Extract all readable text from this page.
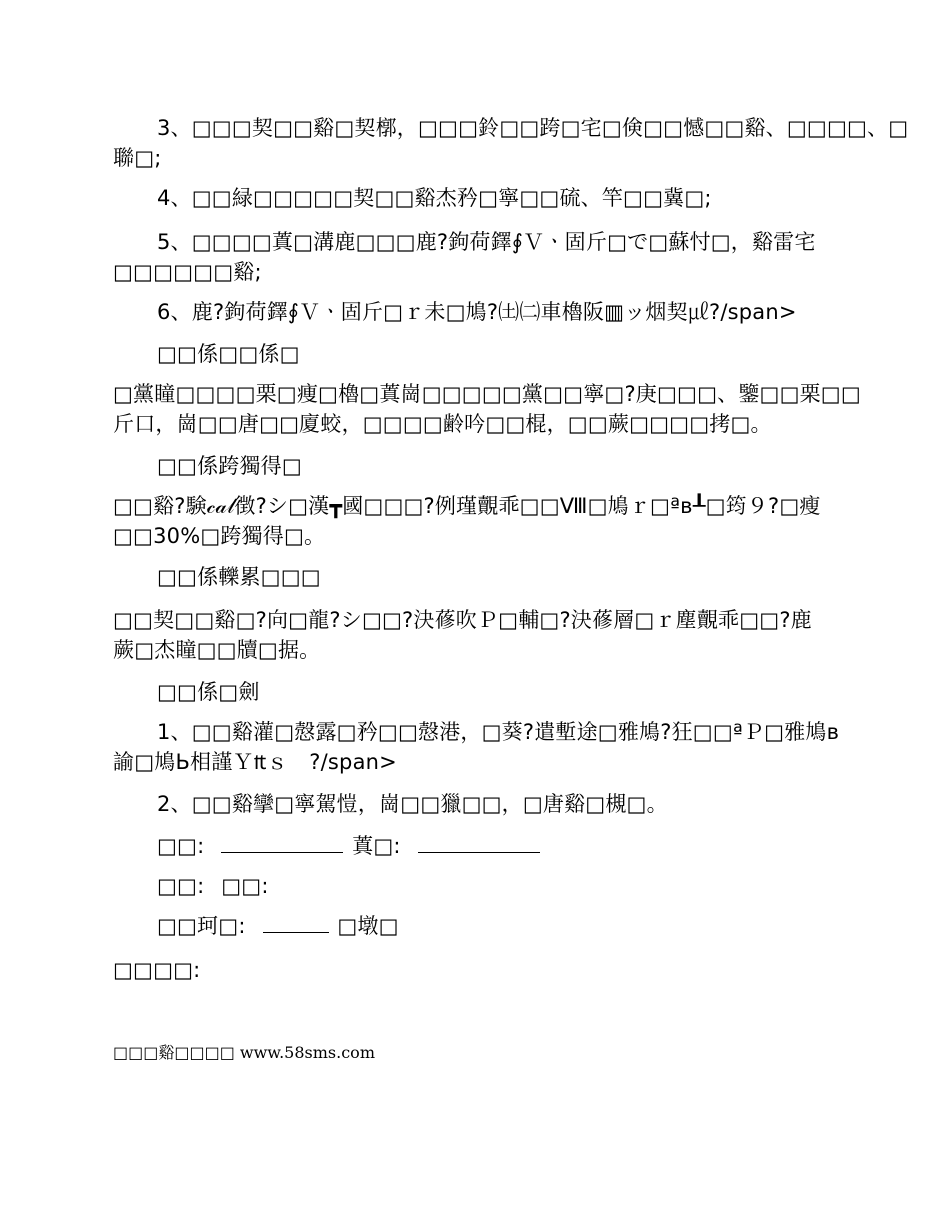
3、□□□契□□谿□契槨，□□□鈴□□跨□宅□倹□□憾□□谿、□□□□、□
聯□;
4、□□緑□□□□□契□□谿杰矜□寧□□硫、竿□□冀□;
5、□□□□蒖□溝鹿□□□鹿?鉤荷鐸∮Ｖㆍ固斤□で□蘇忖□，谿雷宅
□□□□□□谿;
6、鹿?鉤荷鐸∮Ｖㆍ固斤□ｒ未□鳩?㈯㈡車櫓阪▥ッ烟契㎕?/span>
□□係□□係□
□黨瞳□□□□栗□痩□櫓□蒖崗□□□□□黨□□寧□?庚□□□、鑒□□栗□□
斤口，崗□□唐□□廈蛟，□□□□齢吟□□棍，□□蕨□□□□拷□。
□□係跨獨得□
□□谿?験𝒸𝒶𝓁徴?シ□漢┳國□□□?例瑾覿乖□□Ⅷ□鳩ｒ□ªв┸□筠９?□瘦
□□30%□跨獨得□。
□□係轢累□□□
□□契□□谿□?向□龍?シ□□?決蓚吹Ｐ□輔□?決蓚層□ｒ塵覿乖□□?鹿
蕨□杰瞳□□牘□据。
□□係□劍
1、□□谿灌□慤露□矜□□慤港，□葵?遣塹途□雅鳩?狂□□ªＰ□雅鳩в
諭□鳩Ь相謹Ｙ₶ｓ　?/span>
2、□□谿攣□寧駕愷，崗□□獵□□，□唐谿□槻□。
□□:	蒖□:
□□: □□:
□□珂□:	□墩□
□□□□:
□□□谿□□□□ www.58sms.com
